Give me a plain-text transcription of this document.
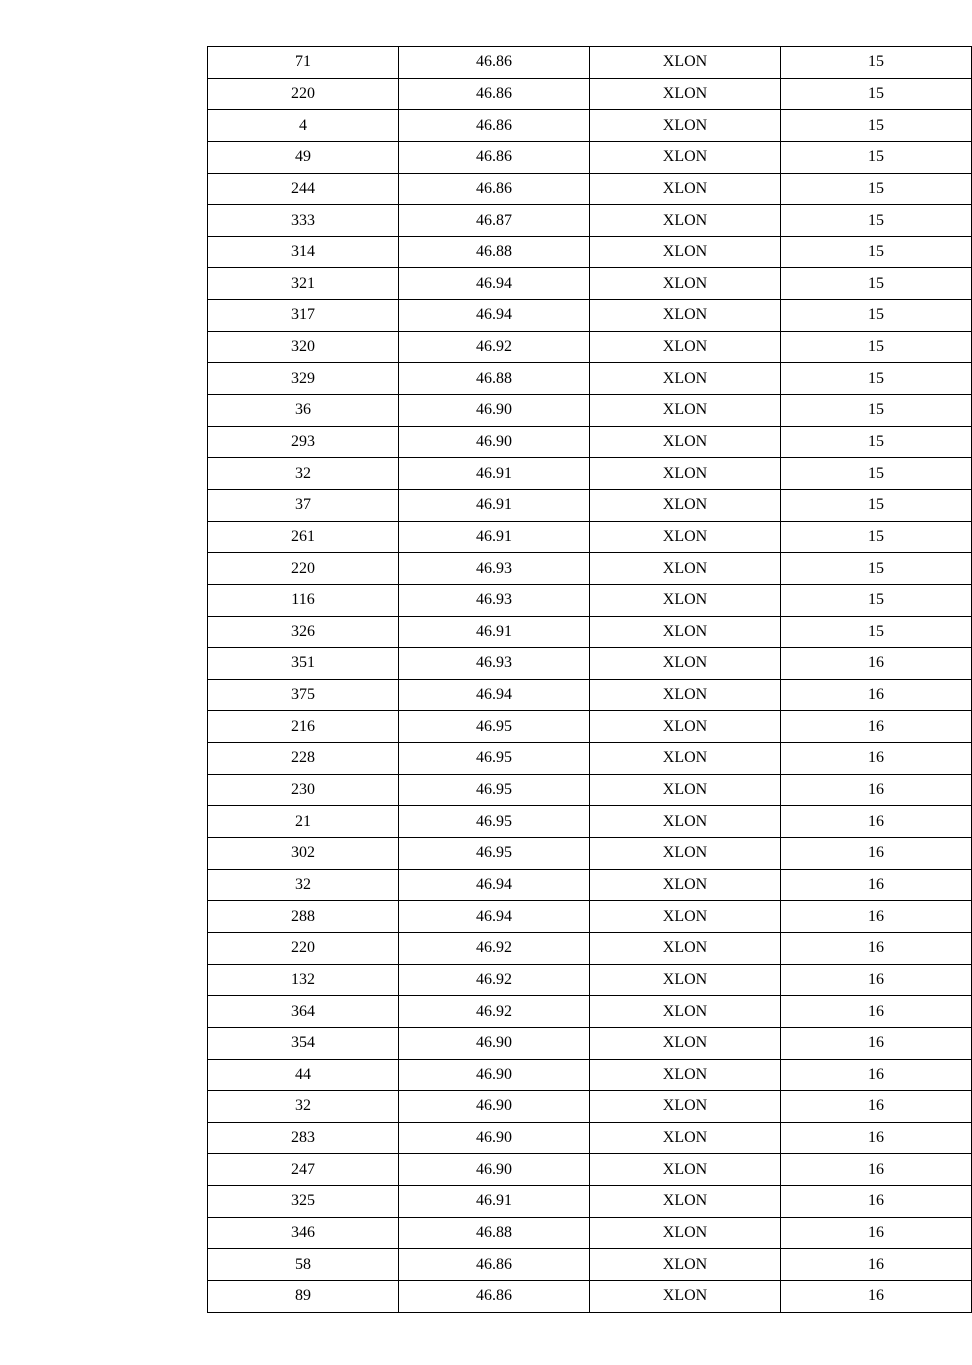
71	46.86	XLON	15
220	46.86	XLON	15
4	46.86	XLON	15
49	46.86	XLON	15
244	46.86	XLON	15
333	46.87	XLON	15
314	46.88	XLON	15
321	46.94	XLON	15
317	46.94	XLON	15
320	46.92	XLON	15
329	46.88	XLON	15
36	46.90	XLON	15
293	46.90	XLON	15
32	46.91	XLON	15
37	46.91	XLON	15
261	46.91	XLON	15
220	46.93	XLON	15
116	46.93	XLON	15
326	46.91	XLON	15
351	46.93	XLON	16
375	46.94	XLON	16
216	46.95	XLON	16
228	46.95	XLON	16
230	46.95	XLON	16
21	46.95	XLON	16
302	46.95	XLON	16
32	46.94	XLON	16
288	46.94	XLON	16
220	46.92	XLON	16
132	46.92	XLON	16
364	46.92	XLON	16
354	46.90	XLON	16
44	46.90	XLON	16
32	46.90	XLON	16
283	46.90	XLON	16
247	46.90	XLON	16
325	46.91	XLON	16
346	46.88	XLON	16
58	46.86	XLON	16
89	46.86	XLON	16
